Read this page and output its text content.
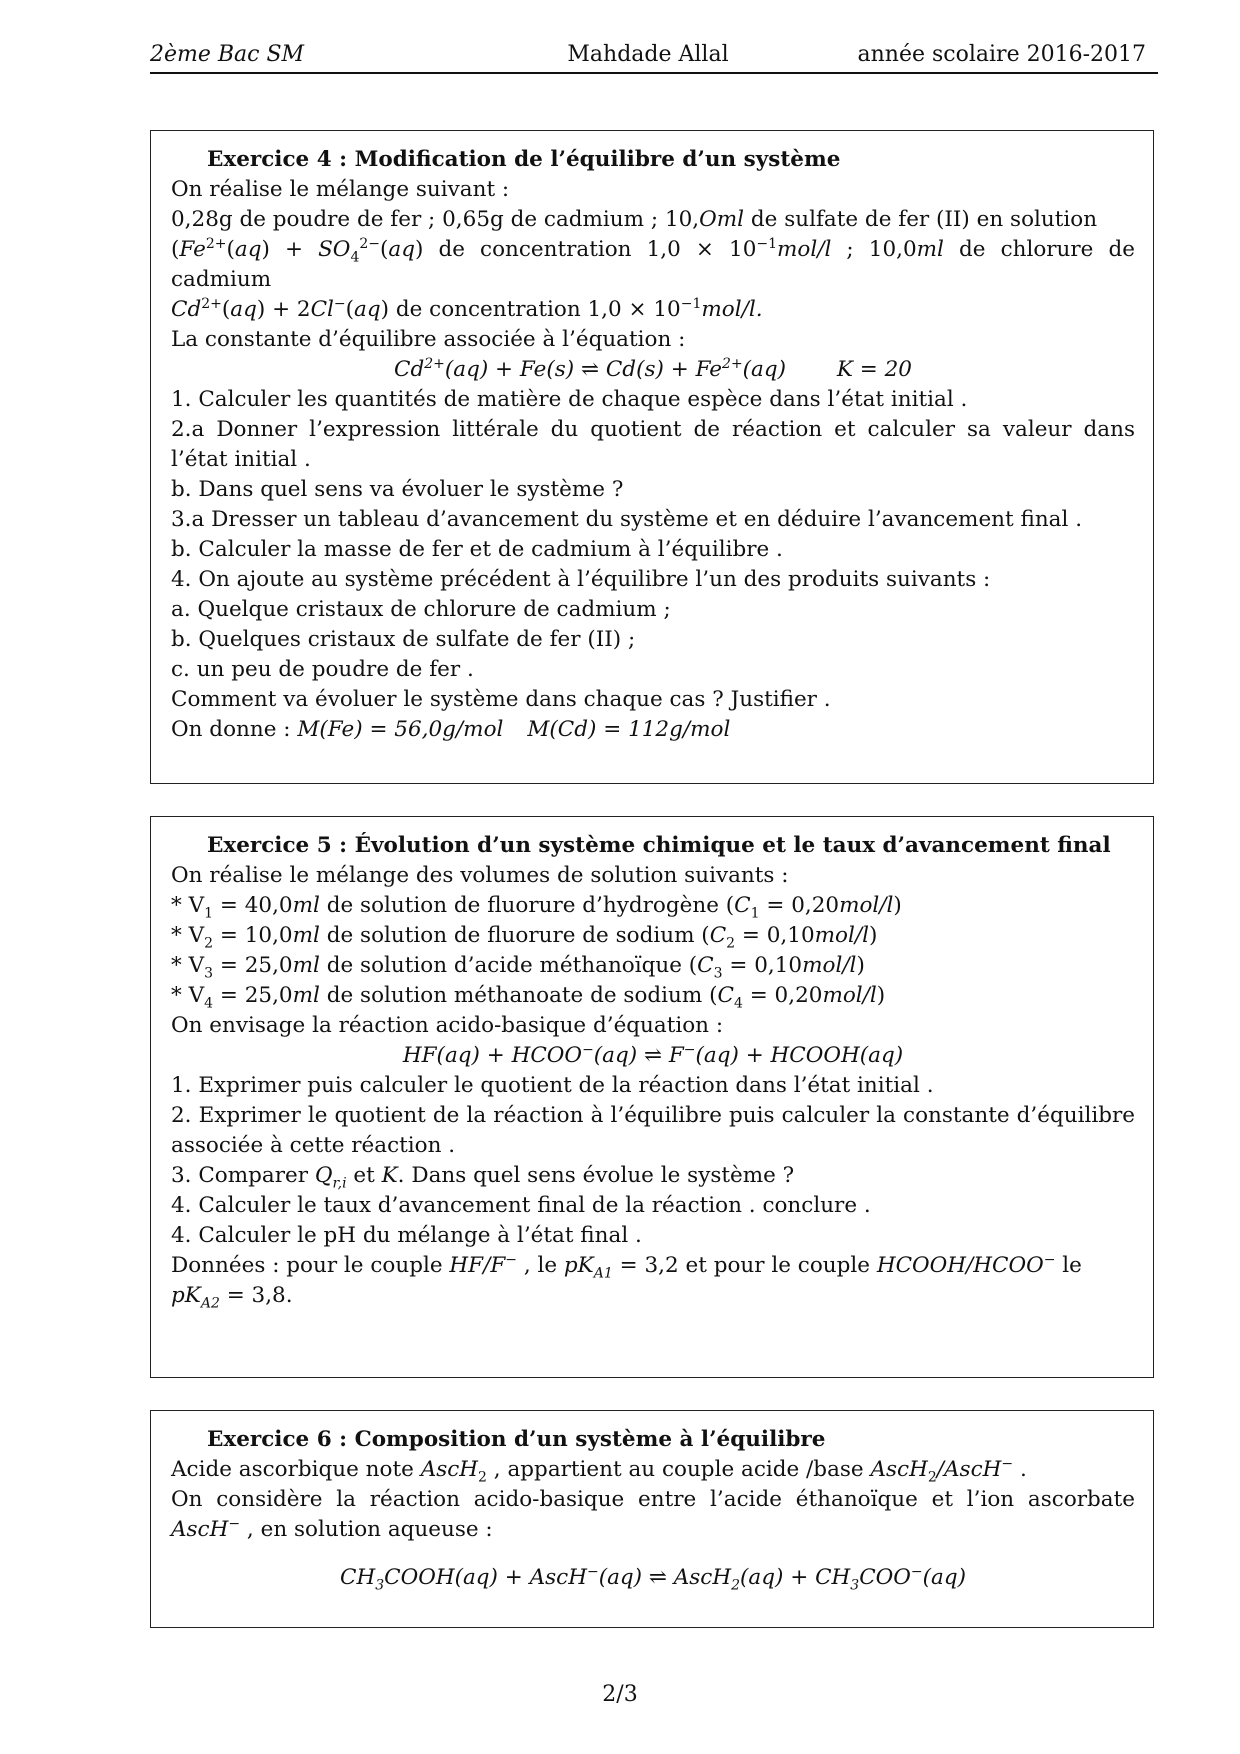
2ème Bac SM	Mahdade Allal	année scolaire 2016-2017

Exercice 4 : Modification de l’équilibre d’un système

On réalise le mélange suivant :

0,28g de poudre de fer ; 0,65g de cadmium ; 10,Oml de sulfate de fer (II) en solution
($Fe^{2+}(aq) + SO_4^{2-}(aq)$ de concentration $1,0 \times 10^{-1}mol/l$ ; 10,0ml de chlorure de cadmium
$Cd^{2+}(aq) + 2Cl^-(aq)$ de concentration $1,0 \times 10^{-1}mol/l$.

La constante d’équilibre associée à l’équation :

$Cd^{2+}(aq) + Fe(s)$ ⇌ $Cd(s) + Fe^{2+}(aq) K = 20$

1. Calculer les quantités de matière de chaque espèce dans l’état initial .

2.a Donner l’expression littérale du quotient de réaction et calculer sa valeur dans l’état initial .

b. Dans quel sens va évoluer le système ?

3.a Dresser un tableau d’avancement du système et en déduire l’avancement final .

b. Calculer la masse de fer et de cadmium à l’équilibre .

4. On ajoute au système précédent à l’équilibre l’un des produits suivants :

a. Quelque cristaux de chlorure de cadmium ;

b. Quelques cristaux de sulfate de fer (II) ;

c. un peu de poudre de fer .

Comment va évoluer le système dans chaque cas ? Justifier .

On donne : M(Fe) = 56,0g/mol M(Cd) = 112g/mol

Exercice 5 : Évolution d’un système chimique et le taux d’avancement final

On réalise le mélange des volumes de solution suivants :

* $V_1 = 40,0ml$ de solution de fluorure d’hydrogène $(C_1 = 0,20mol/l)$

* $V_2 = 10,0ml$ de solution de fluorure de sodium $(C_2 = 0,10mol/l)$

* $V_3 = 25,0ml$ de solution d’acide méthanoïque $(C_3 = 0,10mol/l)$

* $V_4 = 25,0ml$ de solution méthanoate de sodium $(C_4 = 0,20mol/l)$

On envisage la réaction acido-basique d’équation :

HF(aq) + HCOO−(aq) ⇌ F−(aq) + HCOOH(aq)

1. Exprimer puis calculer le quotient de la réaction dans l’état initial .

2. Exprimer le quotient de la réaction à l’équilibre puis calculer la constante d’équilibre associée à cette réaction .

3. Comparer $Q_{r,i}$ et K. Dans quel sens évolue le système ?

4. Calculer le taux d’avancement final de la réaction . conclure .

4. Calculer le pH du mélange à l’état final .

Données : pour le couple HF/F− , le $pK_{A1} = 3,2$ et pour le couple HCOOH/HCOO− le
$pK_{A2} = 3,8$.

Exercice 6 : Composition d’un système à l’équilibre

Acide ascorbique note AscH$_2$ , appartient au couple acide /base AscH$_2$/AscH− .

On considère la réaction acido-basique entre l’acide éthanoïque et l’ion ascorbate AscH− , en solution aqueuse :

$CH_3COOH(aq)$ + AscH−(aq) ⇌ AscH$_2$(aq) + $CH_3COO^-(aq)$

2/3
